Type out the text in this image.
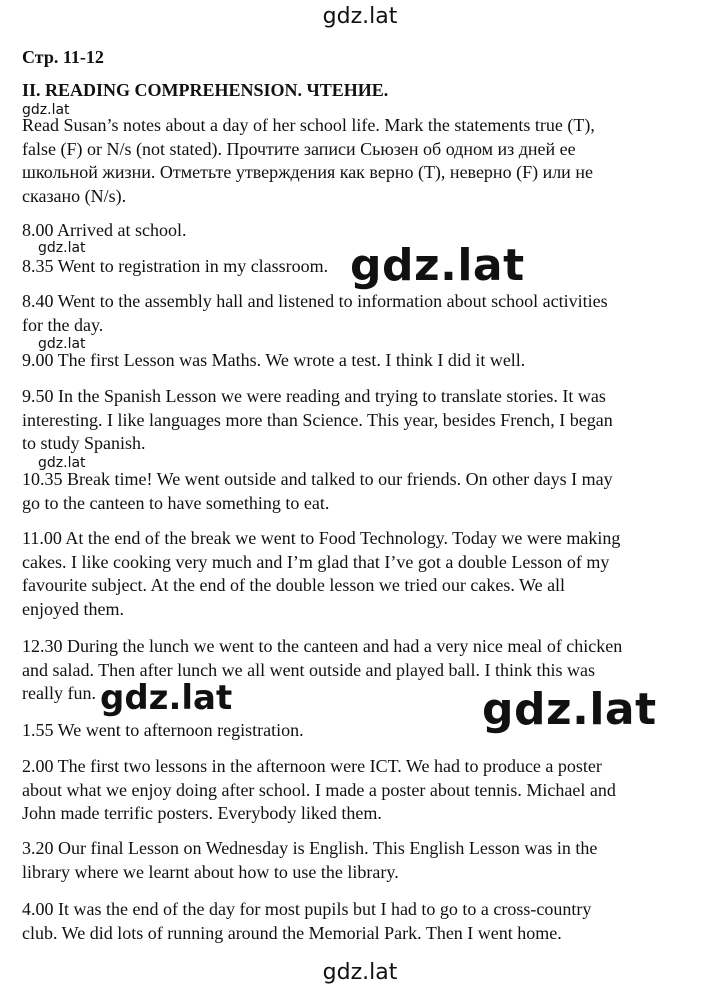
gdz.lat
Стр. 11-12
II. READING COMPREHENSION. ЧТЕНИЕ.
gdz.lat
Read Susan’s notes about a day of her school life. Mark the statements true (T),
false (F) or N/s (not stated). Прочтите записи Сьюзен об одном из дней ее
школьной жизни. Отметьте утверждения как верно (T), неверно (F) или не
сказано (N/s).
8.00 Arrived at school.
gdz.lat
8.35 Went to registration in my classroom. gdz.lat
8.40 Went to the assembly hall and listened to information about school activities
for the day.
gdz.lat
9.00 The first Lesson was Maths. We wrote a test. I think I did it well.
9.50 In the Spanish Lesson we were reading and trying to translate stories. It was
interesting. I like languages more than Science. This year, besides French, I began
to study Spanish.
gdz.lat
10.35 Break time! We went outside and talked to our friends. On other days I may
go to the canteen to have something to eat.
11.00 At the end of the break we went to Food Technology. Today we were making
cakes. I like cooking very much and I’m glad that I’ve got a double Lesson of my
favourite subject. At the end of the double lesson we tried our cakes. We all
enjoyed them.
12.30 During the lunch we went to the canteen and had a very nice meal of chicken
and salad. Then after lunch we all went outside and played ball. I think this was
really fun. gdz.lat	gdz.lat
1.55 We went to afternoon registration.
2.00 The first two lessons in the afternoon were ICT. We had to produce a poster
about what we enjoy doing after school. I made a poster about tennis. Michael and
John made terrific posters. Everybody liked them.
3.20 Our final Lesson on Wednesday is English. This English Lesson was in the
library where we learnt about how to use the library.
4.00 It was the end of the day for most pupils but I had to go to a cross-country
club. We did lots of running around the Memorial Park. Then I went home.
gdz.lat
